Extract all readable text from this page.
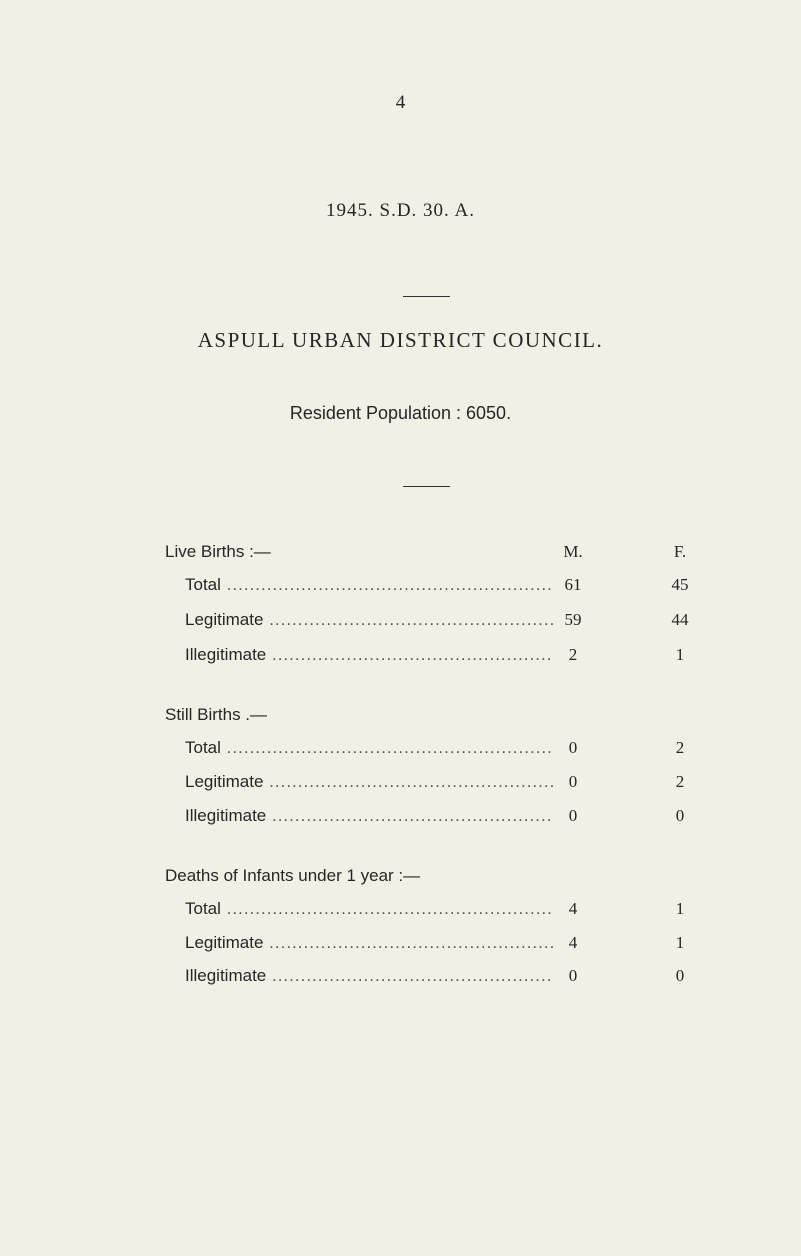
4
1945. S.D. 30. A.
ASPULL URBAN DISTRICT COUNCIL.
Resident Population : 6050.
Live Births :—	M.	F.
Total .....	61	45
Legitimate .....	59	44
Illegitimate .....	2	1
Still Births .—
Total .....	0	2
Legitimate .....	0	2
Illegitimate .....	0	0
Deaths of Infants under 1 year :—
Total .....	4	1
Legitimate .....	4	1
Illegitimate .....	0	0
